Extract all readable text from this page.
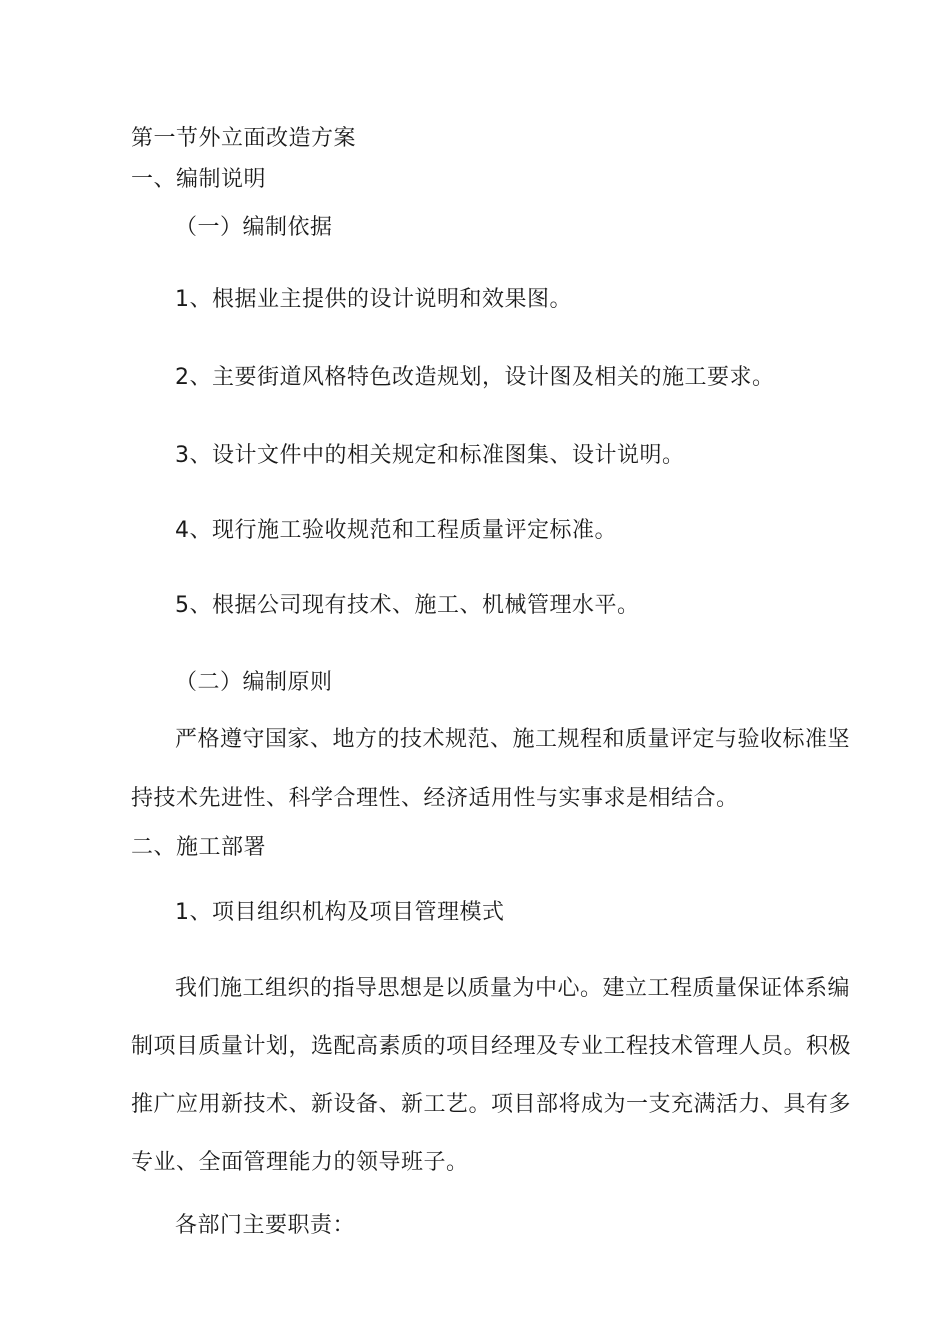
第一节外立面改造方案
一、编制说明
（一）编制依据
1、根据业主提供的设计说明和效果图。
2、主要街道风格特色改造规划，设计图及相关的施工要求。
3、设计文件中的相关规定和标准图集、设计说明。
4、现行施工验收规范和工程质量评定标准。
5、根据公司现有技术、施工、机械管理水平。
（二）编制原则
严格遵守国家、地方的技术规范、施工规程和质量评定与验收标准坚
持技术先进性、科学合理性、经济适用性与实事求是相结合。
二、施工部署
1、项目组织机构及项目管理模式
我们施工组织的指导思想是以质量为中心。建立工程质量保证体系编
制项目质量计划，选配高素质的项目经理及专业工程技术管理人员。积极
推广应用新技术、新设备、新工艺。项目部将成为一支充满活力、具有多
专业、全面管理能力的领导班子。
各部门主要职责：
